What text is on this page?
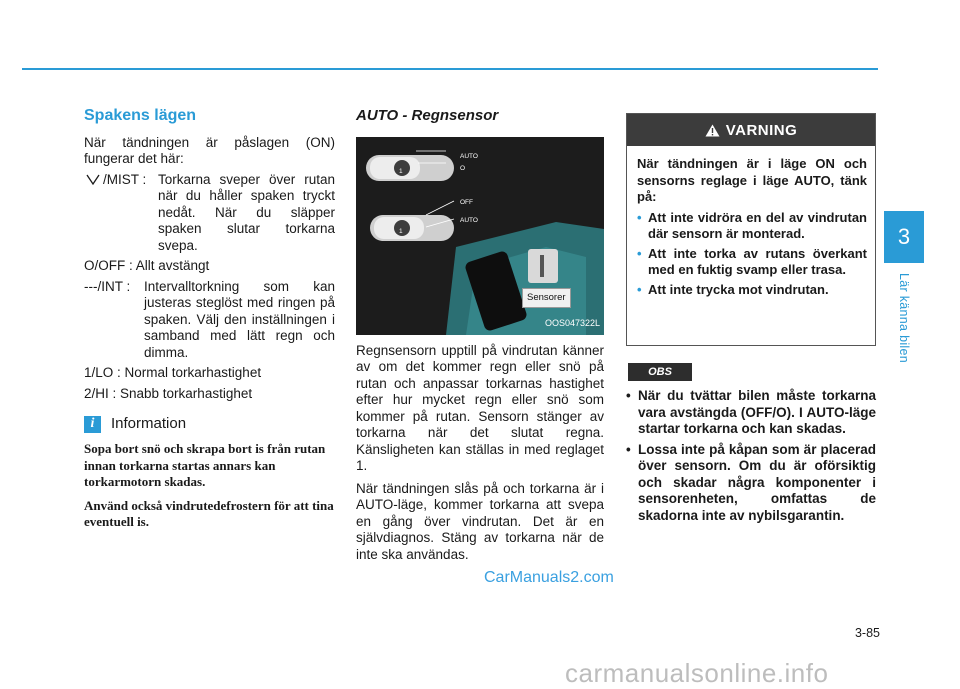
3
Lär känna bilen
Spakens lägen

När tändningen är påslagen (ON) fungerar det här:

/MIST : Torkarna sveper över rutan när du håller spaken tryckt nedåt. När du släpper spaken slutar torkarna svepa.

O/OFF : Allt avstängt

---/INT :	Intervalltorkning som kan justeras steglöst med ringen på spaken. Välj den inställningen i samband med lätt regn och dimma.

1/LO : Normal torkarhastighet

2/HI : Snabb torkarhastighet

i	Information

Sopa bort snö och skrapa bort is från rutan innan torkarna startas annars kan torkarmotorn skadas.

Använd också vindrutedefrostern för att tina eventuell is.

AUTO - Regnsensor
AUTO
O
OFF
AUTO
1
1
Sensorer
OOS047322L

Regnsensorn upptill på vindrutan känner av om det kommer regn eller snö på rutan och anpassar torkarnas hastighet efter hur mycket regn eller snö som kommer på rutan. Sensorn stänger av torkarna när det slutat regna. Känsligheten kan ställas in med reglaget 1.

När tändningen slås på och torkarna är i AUTO-läge, kommer torkarna att svepa en gång över vindrutan. Det är en självdiagnos. Stäng av torkarna när de inte ska användas.

VARNING

När tändningen är i läge ON och sensorns reglage i läge AUTO, tänk på:

• Att inte vidröra en del av vindrutan där sensorn är monterad.
• Att inte torka av rutans överkant med en fuktig svamp eller trasa.
• Att inte trycka mot vindrutan.
OBS
• När du tvättar bilen måste torkarna vara avstängda (OFF/O). I AUTO-läge startar torkarna och kan skadas.
• Lossa inte på kåpan som är placerad över sensorn. Om du är oförsiktig och skadar några komponenter i sensorenheten, omfattas de skadorna inte av nybilsgarantin.
CarManuals2.com
3-85
carmanualsonline.info
